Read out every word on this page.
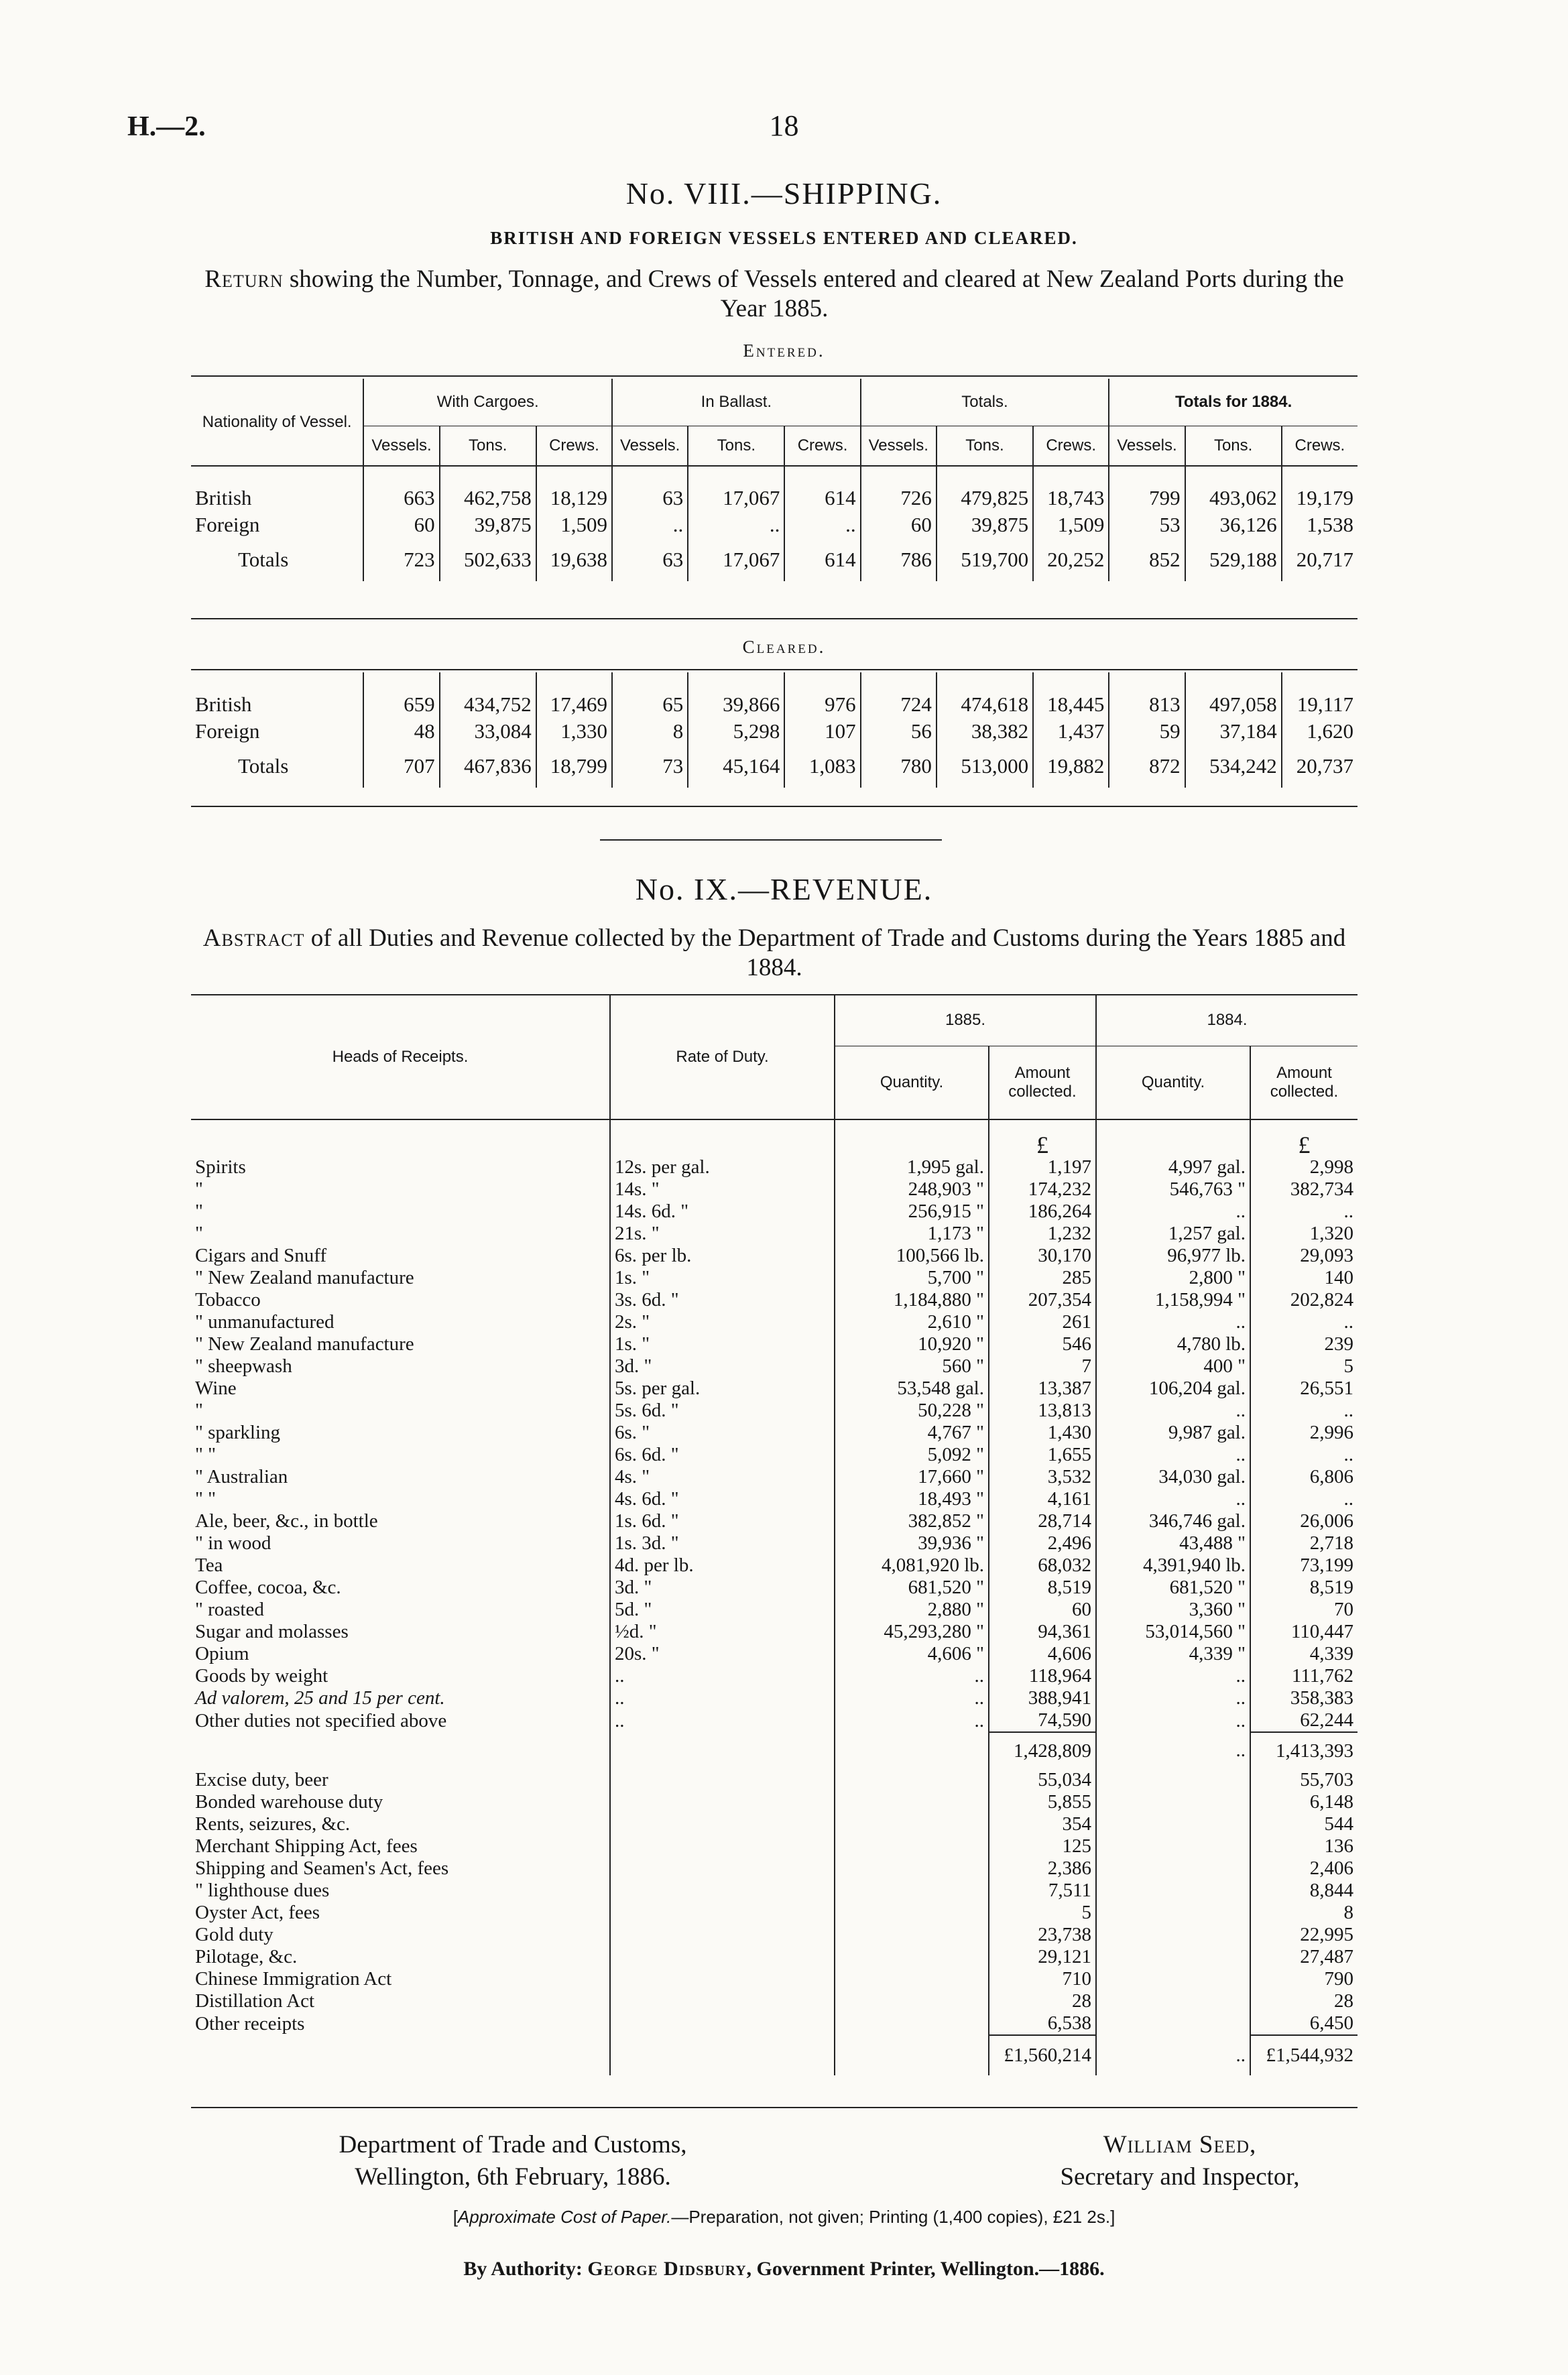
H.—2.	18
No. VIII.—SHIPPING.
BRITISH AND FOREIGN VESSELS ENTERED AND CLEARED.
Return showing the Number, Tonnage, and Crews of Vessels entered and cleared at New Zealand Ports during the Year 1885.
Entered.
Nationality of Vessel.	With Cargoes.			In Ballast.			Totals.			Totals for 1884.		
	Vessels.	Tons.	Crews.	Vessels.	Tons.	Crews.	Vessels.	Tons.	Crews.	Vessels.	Tons.	Crews.

British	663	462,758	18,129	63	17,067	614	726	479,825	18,743	799	493,062	19,179
Foreign	60	39,875	1,509	..	..	..	60	39,875	1,509	53	36,126	1,538
Totals	723	502,633	19,638	63	17,067	614	786	519,700	20,252	852	529,188	20,717
Cleared.

British	659	434,752	17,469	65	39,866	976	724	474,618	18,445	813	497,058	19,117
Foreign	48	33,084	1,330	8	5,298	107	56	38,382	1,437	59	37,184	1,620
Totals	707	467,836	18,799	73	45,164	1,083	780	513,000	19,882	872	534,242	20,737
No. IX.—REVENUE.
Abstract of all Duties and Revenue collected by the Department of Trade and Customs during the Years 1885 and 1884.
Heads of Receipts.	Rate of Duty.	1885.		1884.	
		Quantity.	Amount collected.	Quantity.	Amount collected.
			£		£
Spirits	12s. per gal.	1,995 gal.	1,197	4,997 gal.	2,998
"	14s. "	248,903 "	174,232	546,763 "	382,734
"	14s. 6d. "	256,915 "	186,264	..	..
"	21s. "	1,173 "	1,232	1,257 gal.	1,320
Cigars and Snuff	6s. per lb.	100,566 lb.	30,170	96,977 lb.	29,093
" New Zealand manufacture	1s. "	5,700 "	285	2,800 "	140
Tobacco	3s. 6d. "	1,184,880 "	207,354	1,158,994 "	202,824
" unmanufactured	2s. "	2,610 "	261	..	..
" New Zealand manufacture	1s. "	10,920 "	546	4,780 lb.	239
" sheepwash	3d. "	560 "	7	400 "	5
Wine	5s. per gal.	53,548 gal.	13,387	106,204 gal.	26,551
"	5s. 6d. "	50,228 "	13,813	..	..
" sparkling	6s. "	4,767 "	1,430	9,987 gal.	2,996
" "	6s. 6d. "	5,092 "	1,655	..	..
" Australian	4s. "	17,660 "	3,532	34,030 gal.	6,806
" "	4s. 6d. "	18,493 "	4,161	..	..
Ale, beer, &c., in bottle	1s. 6d. "	382,852 "	28,714	346,746 gal.	26,006
" in wood	1s. 3d. "	39,936 "	2,496	43,488 "	2,718
Tea	4d. per lb.	4,081,920 lb.	68,032	4,391,940 lb.	73,199
Coffee, cocoa, &c.	3d. "	681,520 "	8,519	681,520 "	8,519
" roasted	5d. "	2,880 "	60	3,360 "	70
Sugar and molasses	½d. "	45,293,280 "	94,361	53,014,560 "	110,447
Opium	20s. "	4,606 "	4,606	4,339 "	4,339
Goods by weight	..	..	118,964	..	111,762
Ad valorem, 25 and 15 per cent.	..	..	388,941	..	358,383
Other duties not specified above	..	..	74,590	..	62,244
			1,428,809	..	1,413,393
Excise duty, beer			55,034		55,703
Bonded warehouse duty			5,855		6,148
Rents, seizures, &c.			354		544
Merchant Shipping Act, fees			125		136
Shipping and Seamen's Act, fees			2,386		2,406
" lighthouse dues			7,511		8,844
Oyster Act, fees			5		8
Gold duty			23,738		22,995
Pilotage, &c.			29,121		27,487
Chinese Immigration Act			710		790
Distillation Act			28		28
Other receipts			6,538		6,450
			£1,560,214	..	£1,544,932
Department of Trade and Customs,
Wellington, 6th February, 1886.
William Seed,
Secretary and Inspector,
[Approximate Cost of Paper.—Preparation, not given; Printing (1,400 copies), £21 2s.]
By Authority: George Didsbury, Government Printer, Wellington.—1886.
